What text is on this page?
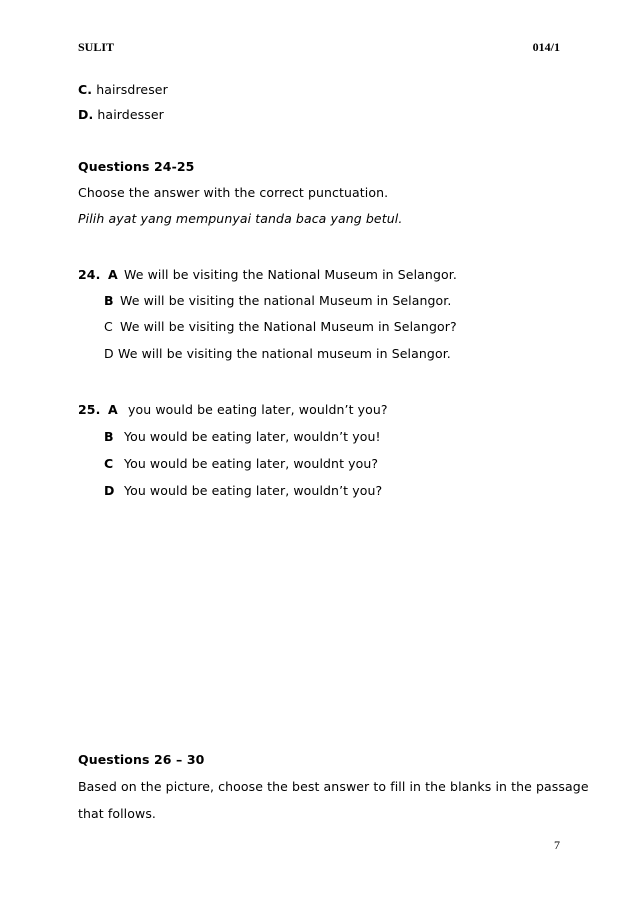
SULIT	014/1
C. hairsdreser
D. hairdesser
Questions 24-25
Choose the answer with the correct punctuation.
Pilih ayat yang mempunyai tanda baca yang betul.
24. A We will be visiting the National Museum in Selangor.
B We will be visiting the national Museum in Selangor.
C We will be visiting the National Museum in Selangor?
D We will be visiting the national museum in Selangor.
25. A you would be eating later, wouldn’t you?
B You would be eating later, wouldn’t you!
C You would be eating later, wouldnt you?
D You would be eating later, wouldn’t you?
Questions 26 – 30
Based on the picture, choose the best answer to fill in the blanks in the passage
that follows.
7
